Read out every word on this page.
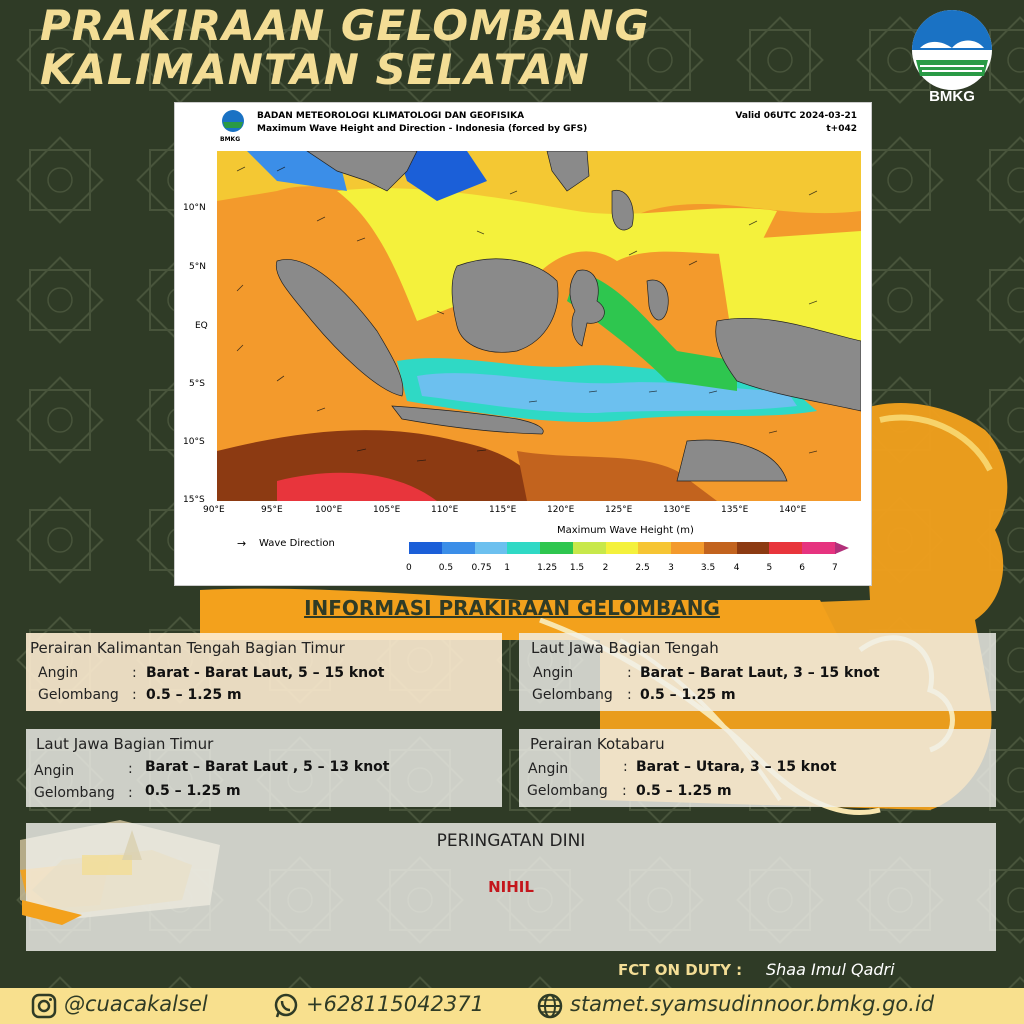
PRAKIRAAN GELOMBANG
KALIMANTAN SELATAN
BMKG
BMKG
BADAN METEOROLOGI KLIMATOLOGI DAN GEOFISIKA
Maximum Wave Height and Direction - Indonesia (forced by GFS)
Valid 06UTC 2024-03-21
t+042
10°N
5°N
EQ
5°S
10°S
15°S
90°E	95°E	100°E	105°E	110°E	115°E	120°E	125°E	130°E	135°E	140°E
→ Wave Direction
Maximum Wave Height (m)
0	0.5 0.75 1	1.25 1.5 2	2.5 3	3.5 4	5	6	7
INFORMASI PRAKIRAAN GELOMBANG
Perairan Kalimantan Tengah Bagian Timur
Angin	: Barat - Barat Laut, 5 – 15 knot
Gelombang : 0.5 – 1.25 m
Laut Jawa Bagian Tengah
Angin	: Barat – Barat Laut, 3 – 15 knot
Gelombang : 0.5 – 1.25 m
Laut Jawa Bagian Timur
Angin	: Barat – Barat Laut , 5 – 13 knot
Gelombang : 0.5 – 1.25 m
Perairan Kotabaru
Angin	: Barat – Utara, 3 – 15 knot
Gelombang : 0.5 – 1.25 m
PERINGATAN DINI
NIHIL
FCT ON DUTY : Shaa Imul Qadri
@cuacakalsel	+628115042371	stamet.syamsudinnoor.bmkg.go.id
